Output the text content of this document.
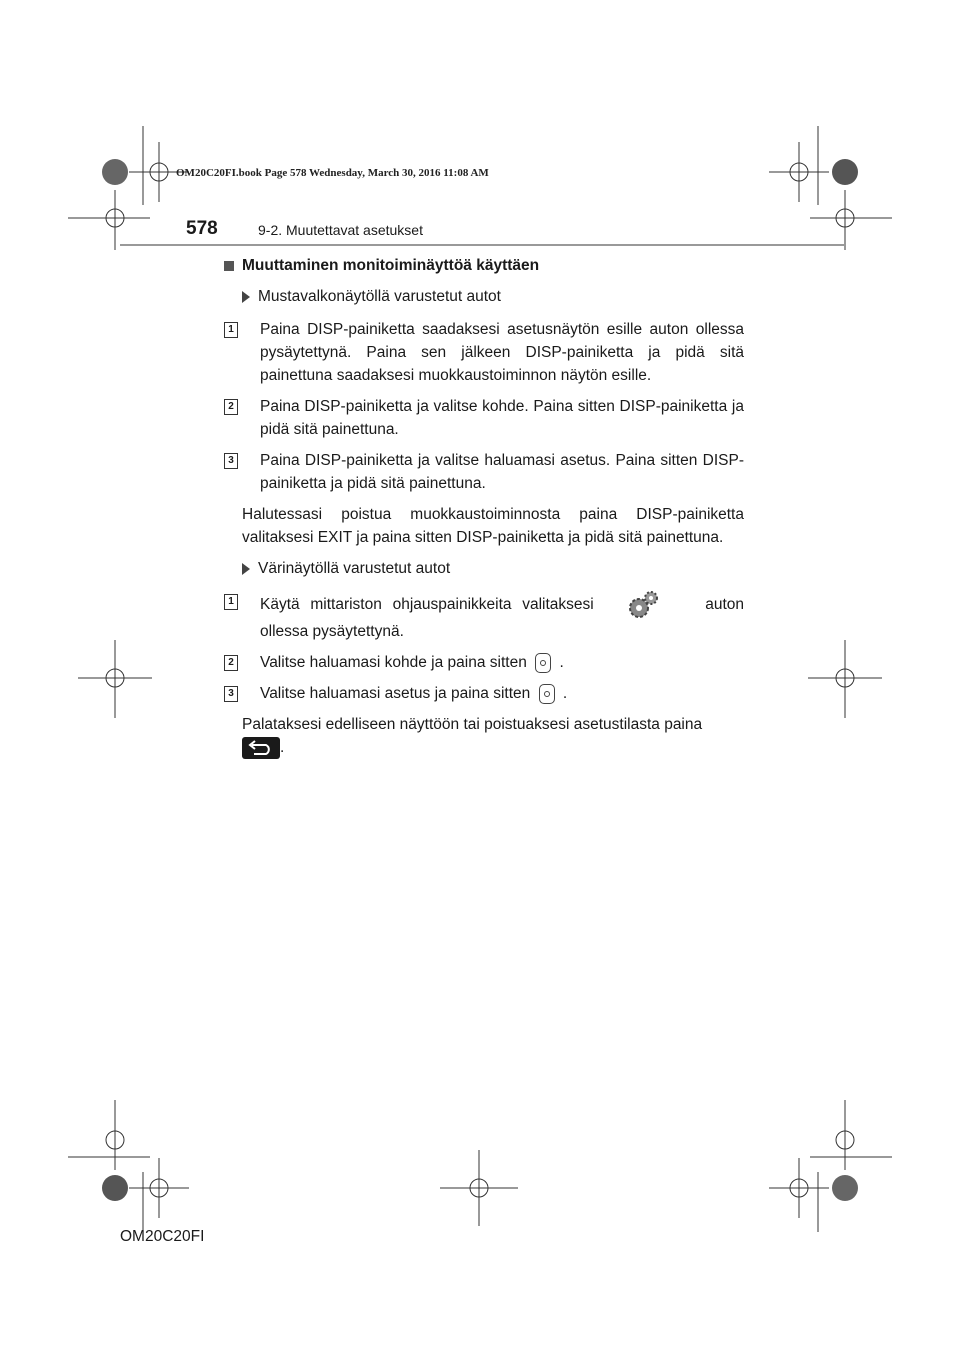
OM20C20FI.book Page 578 Wednesday, March 30, 2016 11:08 AM
578	9-2. Muutettavat asetukset
Muuttaminen monitoiminäyttöä käyttäen
Mustavalkonäytöllä varustetut autot
1 Paina DISP-painiketta saadaksesi asetusnäytön esille auton ollessa pysäytettynä. Paina sen jälkeen DISP-painiketta ja pidä sitä painettuna saadaksesi muokkaustoiminnon näytön esille.
2 Paina DISP-painiketta ja valitse kohde. Paina sitten DISP-painiketta ja pidä sitä painettuna.
3 Paina DISP-painiketta ja valitse haluamasi asetus. Paina sitten DISP-painiketta ja pidä sitä painettuna.
Halutessasi poistua muokkaustoiminnosta paina DISP-painiketta valitaksesi EXIT ja paina sitten DISP-painiketta ja pidä sitä painettuna.
Värinäytöllä varustetut autot
1 Käytä mittariston ohjauspainikkeita valitaksesi	auton ollessa pysäytettynä.
2 Valitse haluamasi kohde ja paina sitten .
3 Valitse haluamasi asetus ja paina sitten .
Palataksesi edelliseen näyttöön tai poistuaksesi asetustilasta paina
.
OM20C20FI
